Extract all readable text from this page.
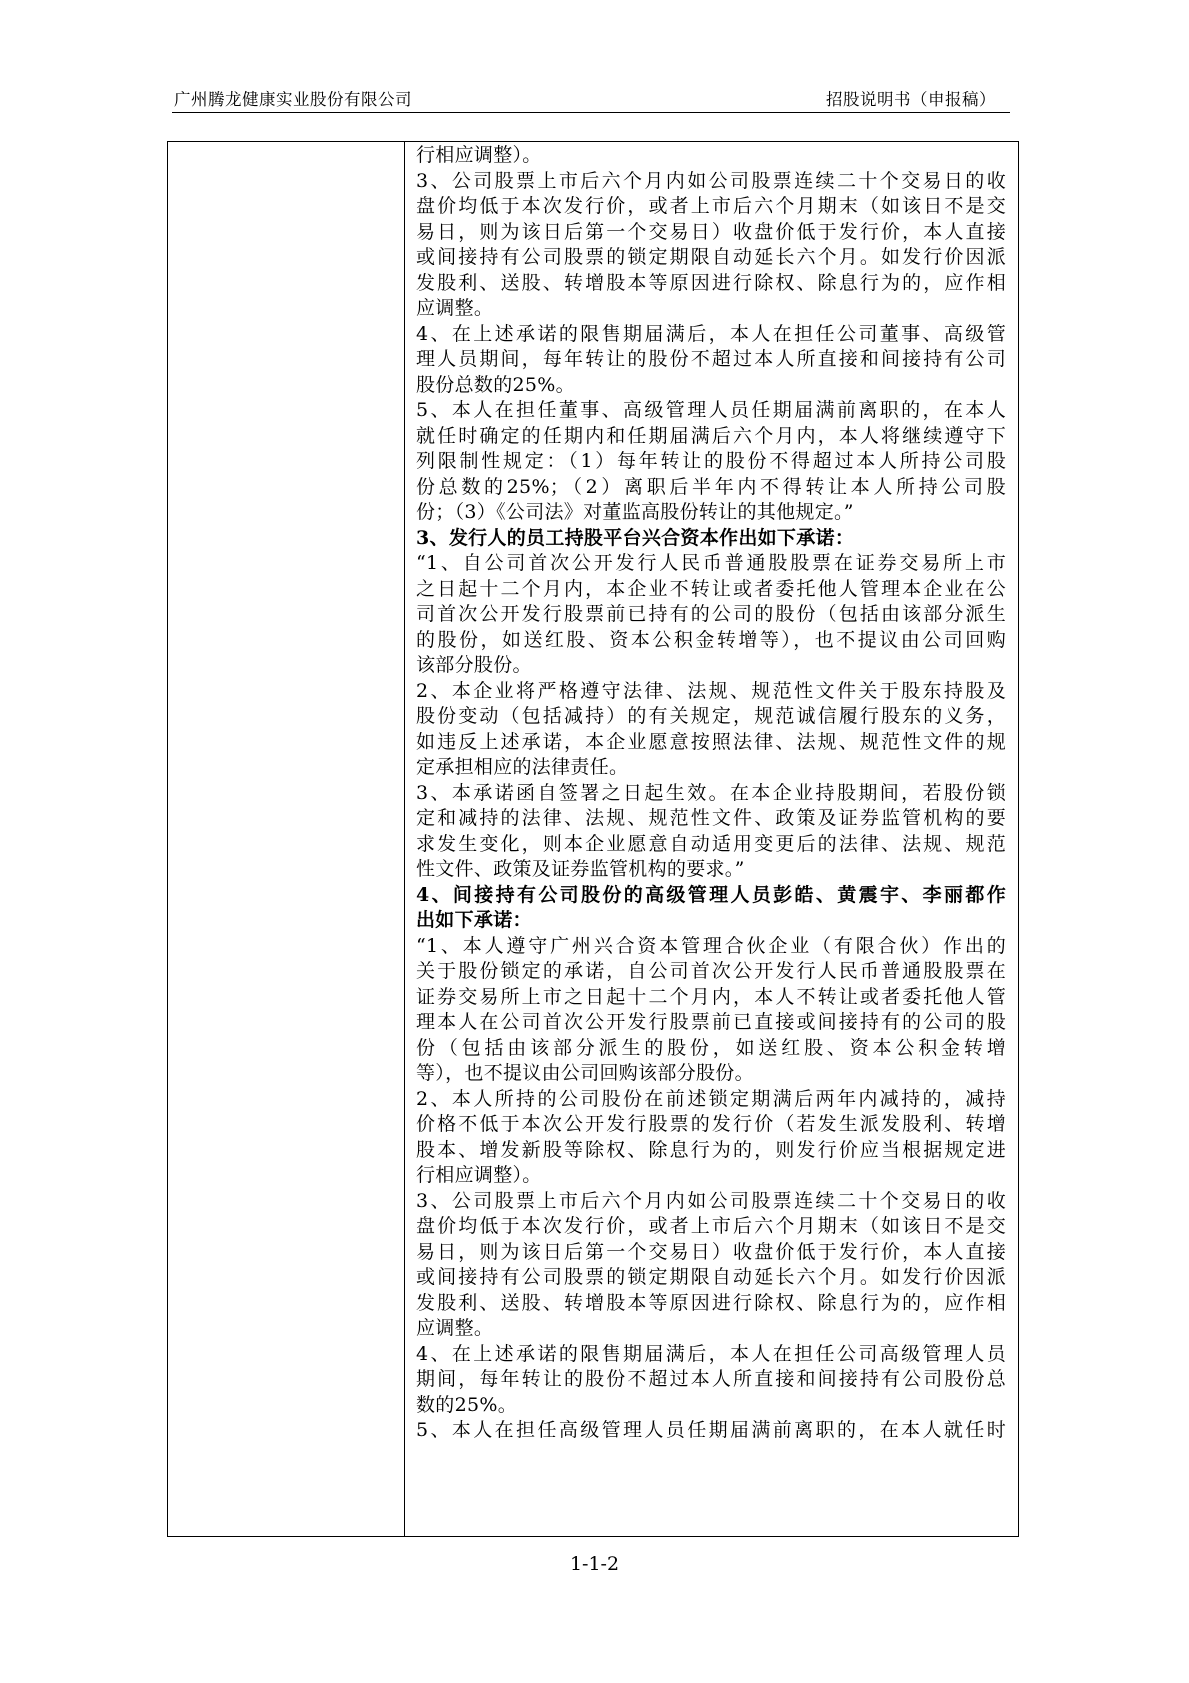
广州腾龙健康实业股份有限公司	招股说明书（申报稿）

行相应调整）。

3、公司股票上市后六个月内如公司股票连续二十个交易日的收

盘价均低于本次发行价，或者上市后六个月期末（如该日不是交

易日，则为该日后第一个交易日）收盘价低于发行价，本人直接

或间接持有公司股票的锁定期限自动延长六个月。如发行价因派

发股利、送股、转增股本等原因进行除权、除息行为的，应作相

应调整。

4、在上述承诺的限售期届满后，本人在担任公司董事、高级管

理人员期间，每年转让的股份不超过本人所直接和间接持有公司

股份总数的25%。

5、本人在担任董事、高级管理人员任期届满前离职的，在本人

就任时确定的任期内和任期届满后六个月内，本人将继续遵守下

列限制性规定：（1）每年转让的股份不得超过本人所持公司股

份总数的25%；（2）离职后半年内不得转让本人所持公司股

份；（3）《公司法》对董监高股份转让的其他规定。”

3、发行人的员工持股平台兴合资本作出如下承诺：

“1、自公司首次公开发行人民币普通股股票在证券交易所上市

之日起十二个月内，本企业不转让或者委托他人管理本企业在公

司首次公开发行股票前已持有的公司的股份（包括由该部分派生

的股份，如送红股、资本公积金转增等），也不提议由公司回购

该部分股份。

2、本企业将严格遵守法律、法规、规范性文件关于股东持股及

股份变动（包括减持）的有关规定，规范诚信履行股东的义务，

如违反上述承诺，本企业愿意按照法律、法规、规范性文件的规

定承担相应的法律责任。

3、本承诺函自签署之日起生效。在本企业持股期间，若股份锁

定和减持的法律、法规、规范性文件、政策及证券监管机构的要

求发生变化，则本企业愿意自动适用变更后的法律、法规、规范

性文件、政策及证券监管机构的要求。”

4、间接持有公司股份的高级管理人员彭皓、黄震宇、李丽都作

出如下承诺：

“1、本人遵守广州兴合资本管理合伙企业（有限合伙）作出的

关于股份锁定的承诺，自公司首次公开发行人民币普通股股票在

证券交易所上市之日起十二个月内，本人不转让或者委托他人管

理本人在公司首次公开发行股票前已直接或间接持有的公司的股

份（包括由该部分派生的股份，如送红股、资本公积金转增

等），也不提议由公司回购该部分股份。

2、本人所持的公司股份在前述锁定期满后两年内减持的，减持

价格不低于本次公开发行股票的发行价（若发生派发股利、转增

股本、增发新股等除权、除息行为的，则发行价应当根据规定进

行相应调整）。

3、公司股票上市后六个月内如公司股票连续二十个交易日的收

盘价均低于本次发行价，或者上市后六个月期末（如该日不是交

易日，则为该日后第一个交易日）收盘价低于发行价，本人直接

或间接持有公司股票的锁定期限自动延长六个月。如发行价因派

发股利、送股、转增股本等原因进行除权、除息行为的，应作相

应调整。

4、在上述承诺的限售期届满后，本人在担任公司高级管理人员

期间，每年转让的股份不超过本人所直接和间接持有公司股份总

数的25%。

5、本人在担任高级管理人员任期届满前离职的，在本人就任时

1-1-2
